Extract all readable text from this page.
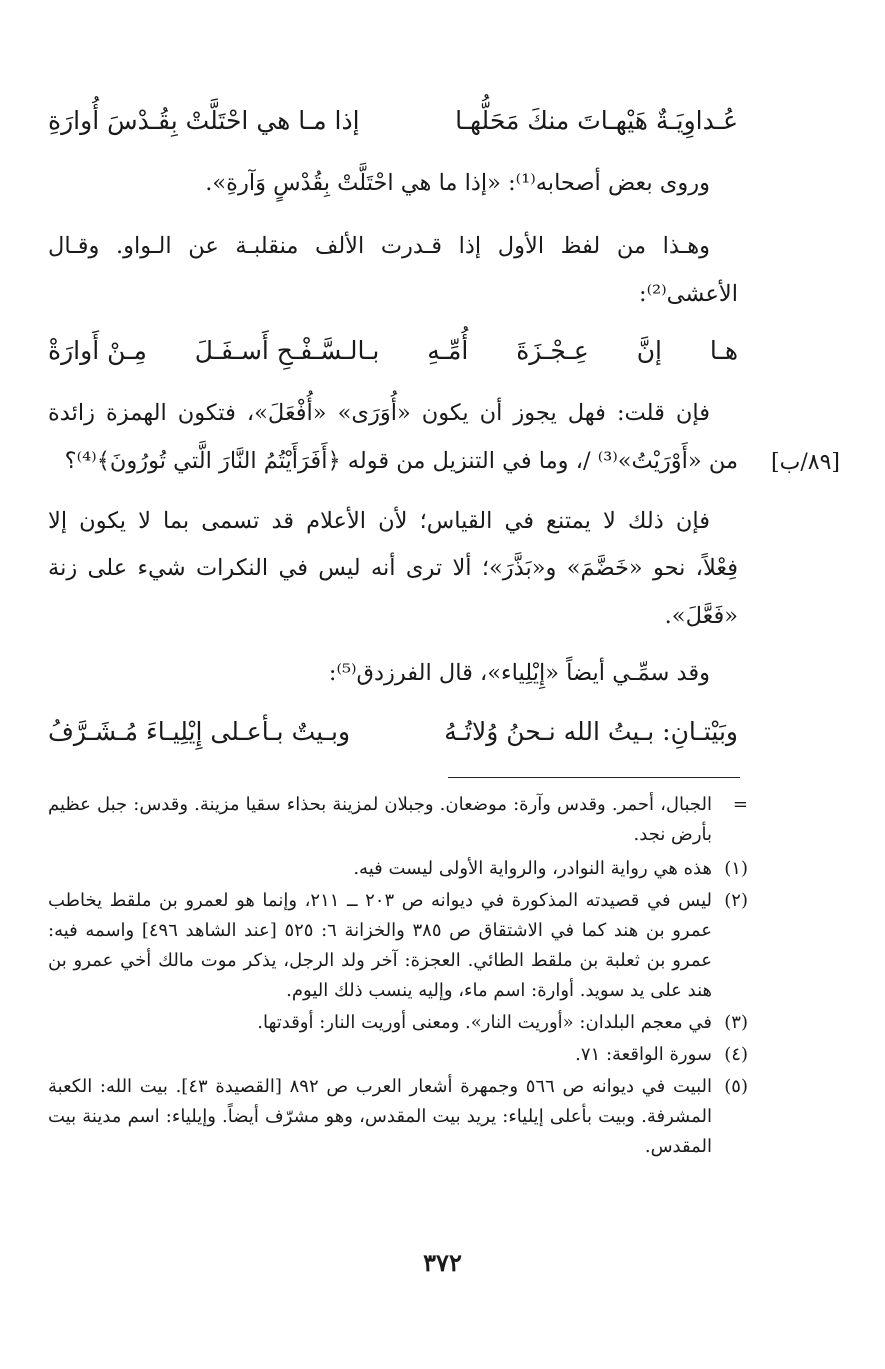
عُـداوِيَـةٌ هَيْهـاتَ منكَ مَحَلُّهـا
إذا مـا هي احْتَلَّتْ بِقُـدْسَ أُوارَةِ
وروى بعض أصحابه⁽¹⁾: «إذا ما هي احْتَلَّتْ بِقُدْسٍ وَآرةِ».
وهـذا من لفظ الأول إذا قـدرت الألف منقلبـة عن الـواو. وقـال
الأعشى⁽²⁾:
هـا
إنَّ
عِـجْـزَةَ
أُمِّـهِ
بـالـسَّـفْـحِ أَسـفَـلَ
مِـنْ أَوارَةْ
فإن قلت: فهل يجوز أن يكون «أُوَرَى» «أُفْعَلَ»، فتكون الهمزة زائدة
من «أَوْرَيْتُ»⁽³⁾ /، وما في التنزيل من قوله ﴿أَفَرَأَيْتُمُ النَّارَ الَّتي تُورُونَ﴾⁽⁴⁾؟	[٨٩/ب]
فإن ذلك لا يمتنع في القياس؛ لأن الأعلام قد تسمى بما لا يكون إلا
فِعْلاً، نحو «خَضَّمَ» و«بَذَّرَ»؛ ألا ترى أنه ليس في النكرات شيء على زنة
«فَعَّلَ».
وقد سمِّـي أيضاً «إِيْلِياء»، قال الفرزدق⁽⁵⁾:
وبَيْتـانِ: بـيتُ الله نـحنُ وُلاتُـهُ
وبـيتٌ بـأعـلى إِيْلِيـاءَ مُـشَـرَّفُ
=
الجبال، أحمر. وقدس وآرة: موضعان. وجبلان لمزينة بحذاء سقيا مزينة. وقدس: جبل عظيم بأرض نجد.
(١)
هذه هي رواية النوادر، والرواية الأولى ليست فيه.
(٢)
ليس في قصيدته المذكورة في ديوانه ص ٢٠٣ ــ ٢١١، وإنما هو لعمرو بن ملقط يخاطب عمرو بن هند كما في الاشتقاق ص ٣٨٥ والخزانة ٦: ٥٢٥ [عند الشاهد ٤٩٦] واسمه فيه: عمرو بن ثعلبة بن ملقط الطائي. العجزة: آخر ولد الرجل، يذكر موت مالك أخي عمرو بن هند على يد سويد. أوارة: اسم ماء، وإليه ينسب ذلك اليوم.
(٣)
في معجم البلدان: «أوريت النار». ومعنى أوريت النار: أوقدتها.
(٤)
سورة الواقعة: ٧١.
(٥)
البيت في ديوانه ص ٥٦٦ وجمهرة أشعار العرب ص ٨٩٢ [القصيدة ٤٣]. بيت الله: الكعبة المشرفة. وبيت بأعلى إيلياء: يريد بيت المقدس، وهو مشرّف أيضاً. وإيلياء: اسم مدينة بيت المقدس.
٣٧٢
